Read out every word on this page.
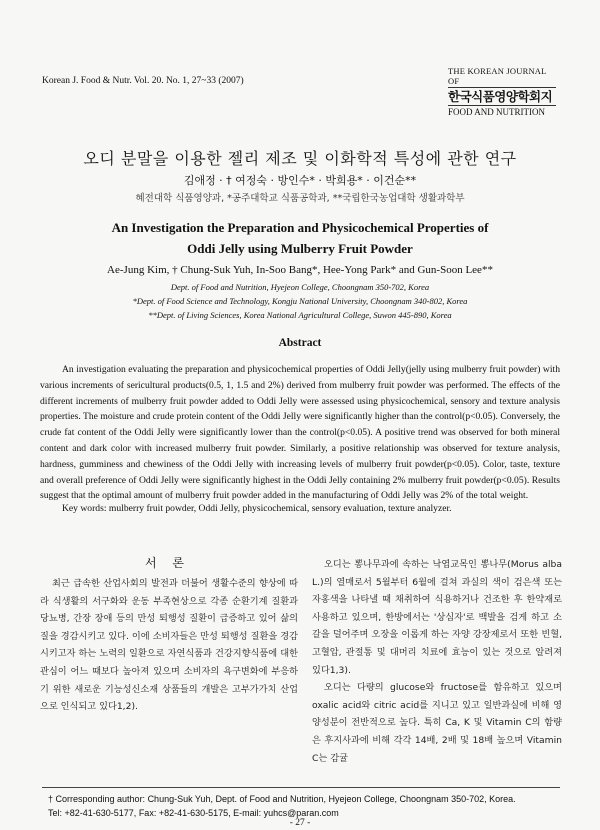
Korean J. Food & Nutr. Vol. 20. No. 1, 27~33 (2007)
THE KOREAN JOURNAL OF
한국식품영양학회지
FOOD AND NUTRITION
오디 분말을 이용한 젤리 제조 및 이화학적 특성에 관한 연구
김애정 · † 여정숙 · 방인수* · 박희용* · 이건순**
혜전대학 식품영양과, *공주대학교 식품공학과, **국립한국농업대학 생활과학부
An Investigation the Preparation and Physicochemical Properties of
Oddi Jelly using Mulberry Fruit Powder
Ae-Jung Kim, † Chung-Suk Yuh, In-Soo Bang*, Hee-Yong Park* and Gun-Soon Lee**
Dept. of Food and Nutrition, Hyejeon College, Choongnam 350-702, Korea
*Dept. of Food Science and Technology, Kongju National University, Choongnam 340-802, Korea
**Dept. of Living Sciences, Korea National Agricultural College, Suwon 445-890, Korea
Abstract
An investigation evaluating the preparation and physicochemical properties of Oddi Jelly(jelly using mulberry fruit powder) with various increments of sericultural products(0.5, 1, 1.5 and 2%) derived from mulberry fruit powder was performed. The effects of the different increments of mulberry fruit powder added to Oddi Jelly were assessed using physicochemical, sensory and texture analysis properties. The moisture and crude protein content of the Oddi Jelly were significantly higher than the control(p<0.05). Conversely, the crude fat content of the Oddi Jelly were significantly lower than the control(p<0.05). A positive trend was observed for both mineral content and dark color with increased mulberry fruit powder. Similarly, a positive relationship was observed for texture analysis, hardness, gumminess and chewiness of the Oddi Jelly with increasing levels of mulberry fruit powder(p<0.05). Color, taste, texture and overall preference of Oddi Jelly were significantly highest in the Oddi Jelly containing 2% mulberry fruit powder(p<0.05). Results suggest that the optimal amount of mulberry fruit powder added in the manufacturing of Oddi Jelly was 2% of the total weight.
Key words: mulberry fruit powder, Oddi Jelly, physicochemical, sensory evaluation, texture analyzer.
서 론
최근 급속한 산업사회의 발전과 더불어 생활수준의 향상에 따라 식생활의 서구화와 운동 부족현상으로 각종 순환기계 질환과 당뇨병, 간장 장애 등의 만성 퇴행성 질환이 급증하고 있어 삶의 질을 경감시키고 있다. 이에 소비자들은 만성 퇴행성 질환을 경감시키고자 하는 노력의 일환으로 자연식품과 건강지향식품에 대한 관심이 어느 때보다 높아져 있으며 소비자의 욕구변화에 부응하기 위한 새로운 기능성신소재 상품들의 개발은 고부가가치 산업으로 인식되고 있다1,2).

오디는 뽕나무과에 속하는 낙엽교목인 뽕나무(Morus alba L.)의 열매로서 5월부터 6월에 걸쳐 과실의 색이 검은색 또는 자홍색을 나타낼 때 채취하여 식용하거나 건조한 후 한약재로 사용하고 있으며, 한방에서는 '상심자'로 백발을 검게 하고 소갈을 덜어주며 오장을 이롭게 하는 자양 강장제로서 또한 빈혈, 고혈압, 관절통 및 대머리 치료에 효능이 있는 것으로 알려져 있다1,3).

오디는 다량의 glucose와 fructose를 함유하고 있으며 oxalic acid와 citric acid를 지니고 있고 일반과실에 비해 영양성분이 전반적으로 높다. 특히 Ca, K 및 Vitamin C의 함량은 후지사과에 비해 각각 14배, 2배 및 18배 높으며 Vitamin C는 감귤

† Corresponding author: Chung-Suk Yuh, Dept. of Food and Nutrition, Hyejeon College, Choongnam 350-702, Korea.
Tel: +82-41-630-5177, Fax: +82-41-630-5175, E-mail: yuhcs@paran.com
- 27 -
